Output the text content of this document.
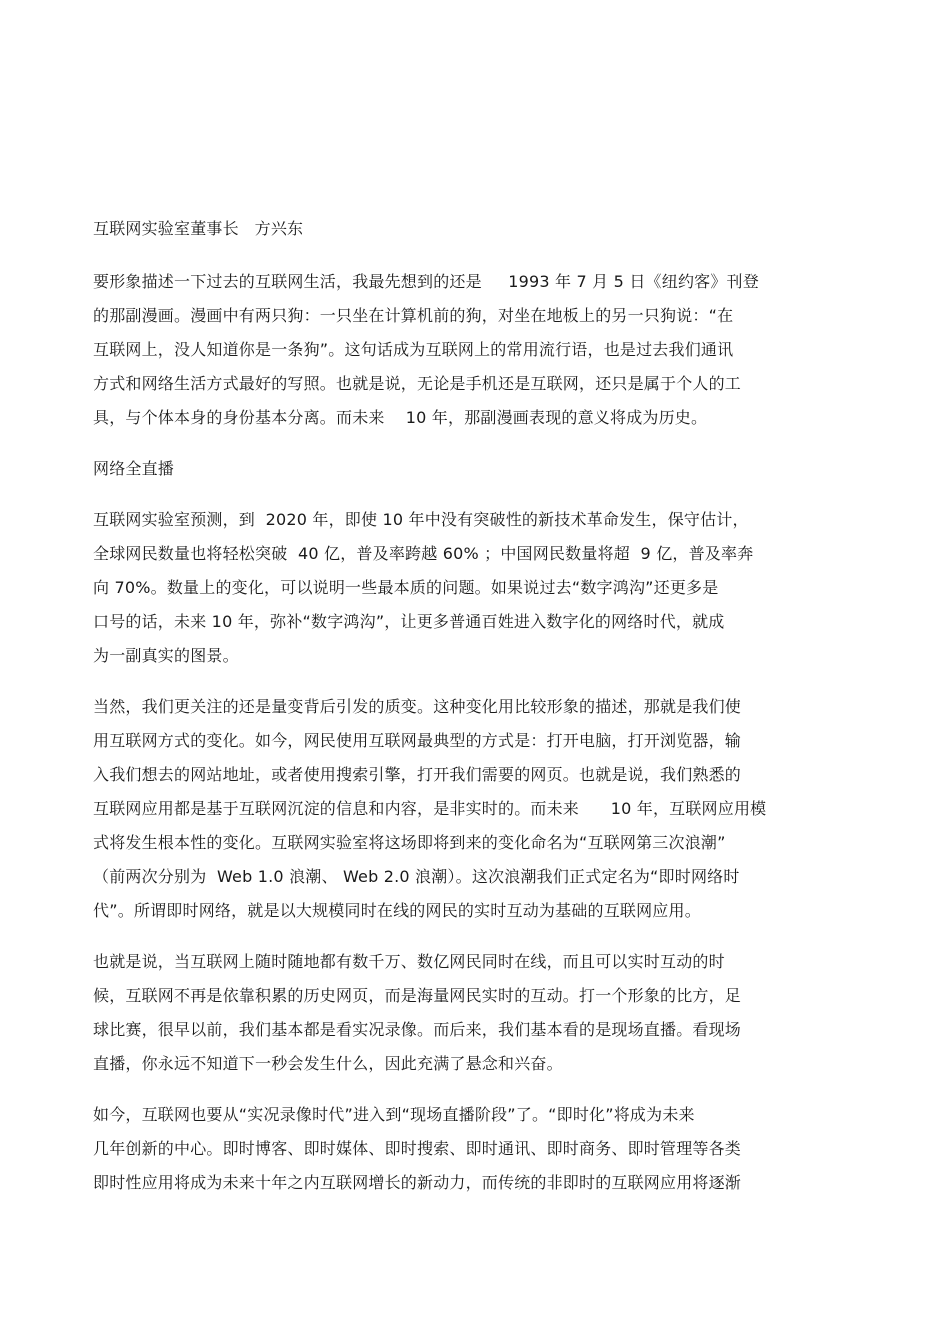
互联网实验室董事长   方兴东
要形象描述一下过去的互联网生活，我最先想到的还是     1993 年 7 月 5 日《纽约客》刊登
的那副漫画。漫画中有两只狗：一只坐在计算机前的狗，对坐在地板上的另一只狗说：“在
互联网上，没人知道你是一条狗”。这句话成为互联网上的常用流行语，也是过去我们通讯
方式和网络生活方式最好的写照。也就是说，无论是手机还是互联网，还只是属于个人的工
具，与个体本身的身份基本分离。而未来    10 年，那副漫画表现的意义将成为历史。
网络全直播
互联网实验室预测，到  2020 年，即使 10 年中没有突破性的新技术革命发生，保守估计，
全球网民数量也将轻松突破  40 亿，普及率跨越 60% ；中国网民数量将超  9 亿，普及率奔
向 70%。数量上的变化，可以说明一些最本质的问题。如果说过去“数字鸿沟”还更多是
口号的话，未来 10 年，弥补“数字鸿沟”，让更多普通百姓进入数字化的网络时代，就成
为一副真实的图景。
当然，我们更关注的还是量变背后引发的质变。这种变化用比较形象的描述，那就是我们使
用互联网方式的变化。如今，网民使用互联网最典型的方式是：打开电脑，打开浏览器，输
入我们想去的网站地址，或者使用搜索引擎，打开我们需要的网页。也就是说，我们熟悉的
互联网应用都是基于互联网沉淀的信息和内容，是非实时的。而未来      10 年，互联网应用模
式将发生根本性的变化。互联网实验室将这场即将到来的变化命名为“互联网第三次浪潮”
（前两次分别为  Web 1.0 浪潮、 Web 2.0 浪潮）。这次浪潮我们正式定名为“即时网络时
代”。所谓即时网络，就是以大规模同时在线的网民的实时互动为基础的互联网应用。
也就是说，当互联网上随时随地都有数千万、数亿网民同时在线，而且可以实时互动的时
候，互联网不再是依靠积累的历史网页，而是海量网民实时的互动。打一个形象的比方，足
球比赛，很早以前，我们基本都是看实况录像。而后来，我们基本看的是现场直播。看现场
直播，你永远不知道下一秒会发生什么，因此充满了悬念和兴奋。
如今，互联网也要从“实况录像时代”进入到“现场直播阶段”了。“即时化”将成为未来
几年创新的中心。即时博客、即时媒体、即时搜索、即时通讯、即时商务、即时管理等各类
即时性应用将成为未来十年之内互联网增长的新动力，而传统的非即时的互联网应用将逐渐
